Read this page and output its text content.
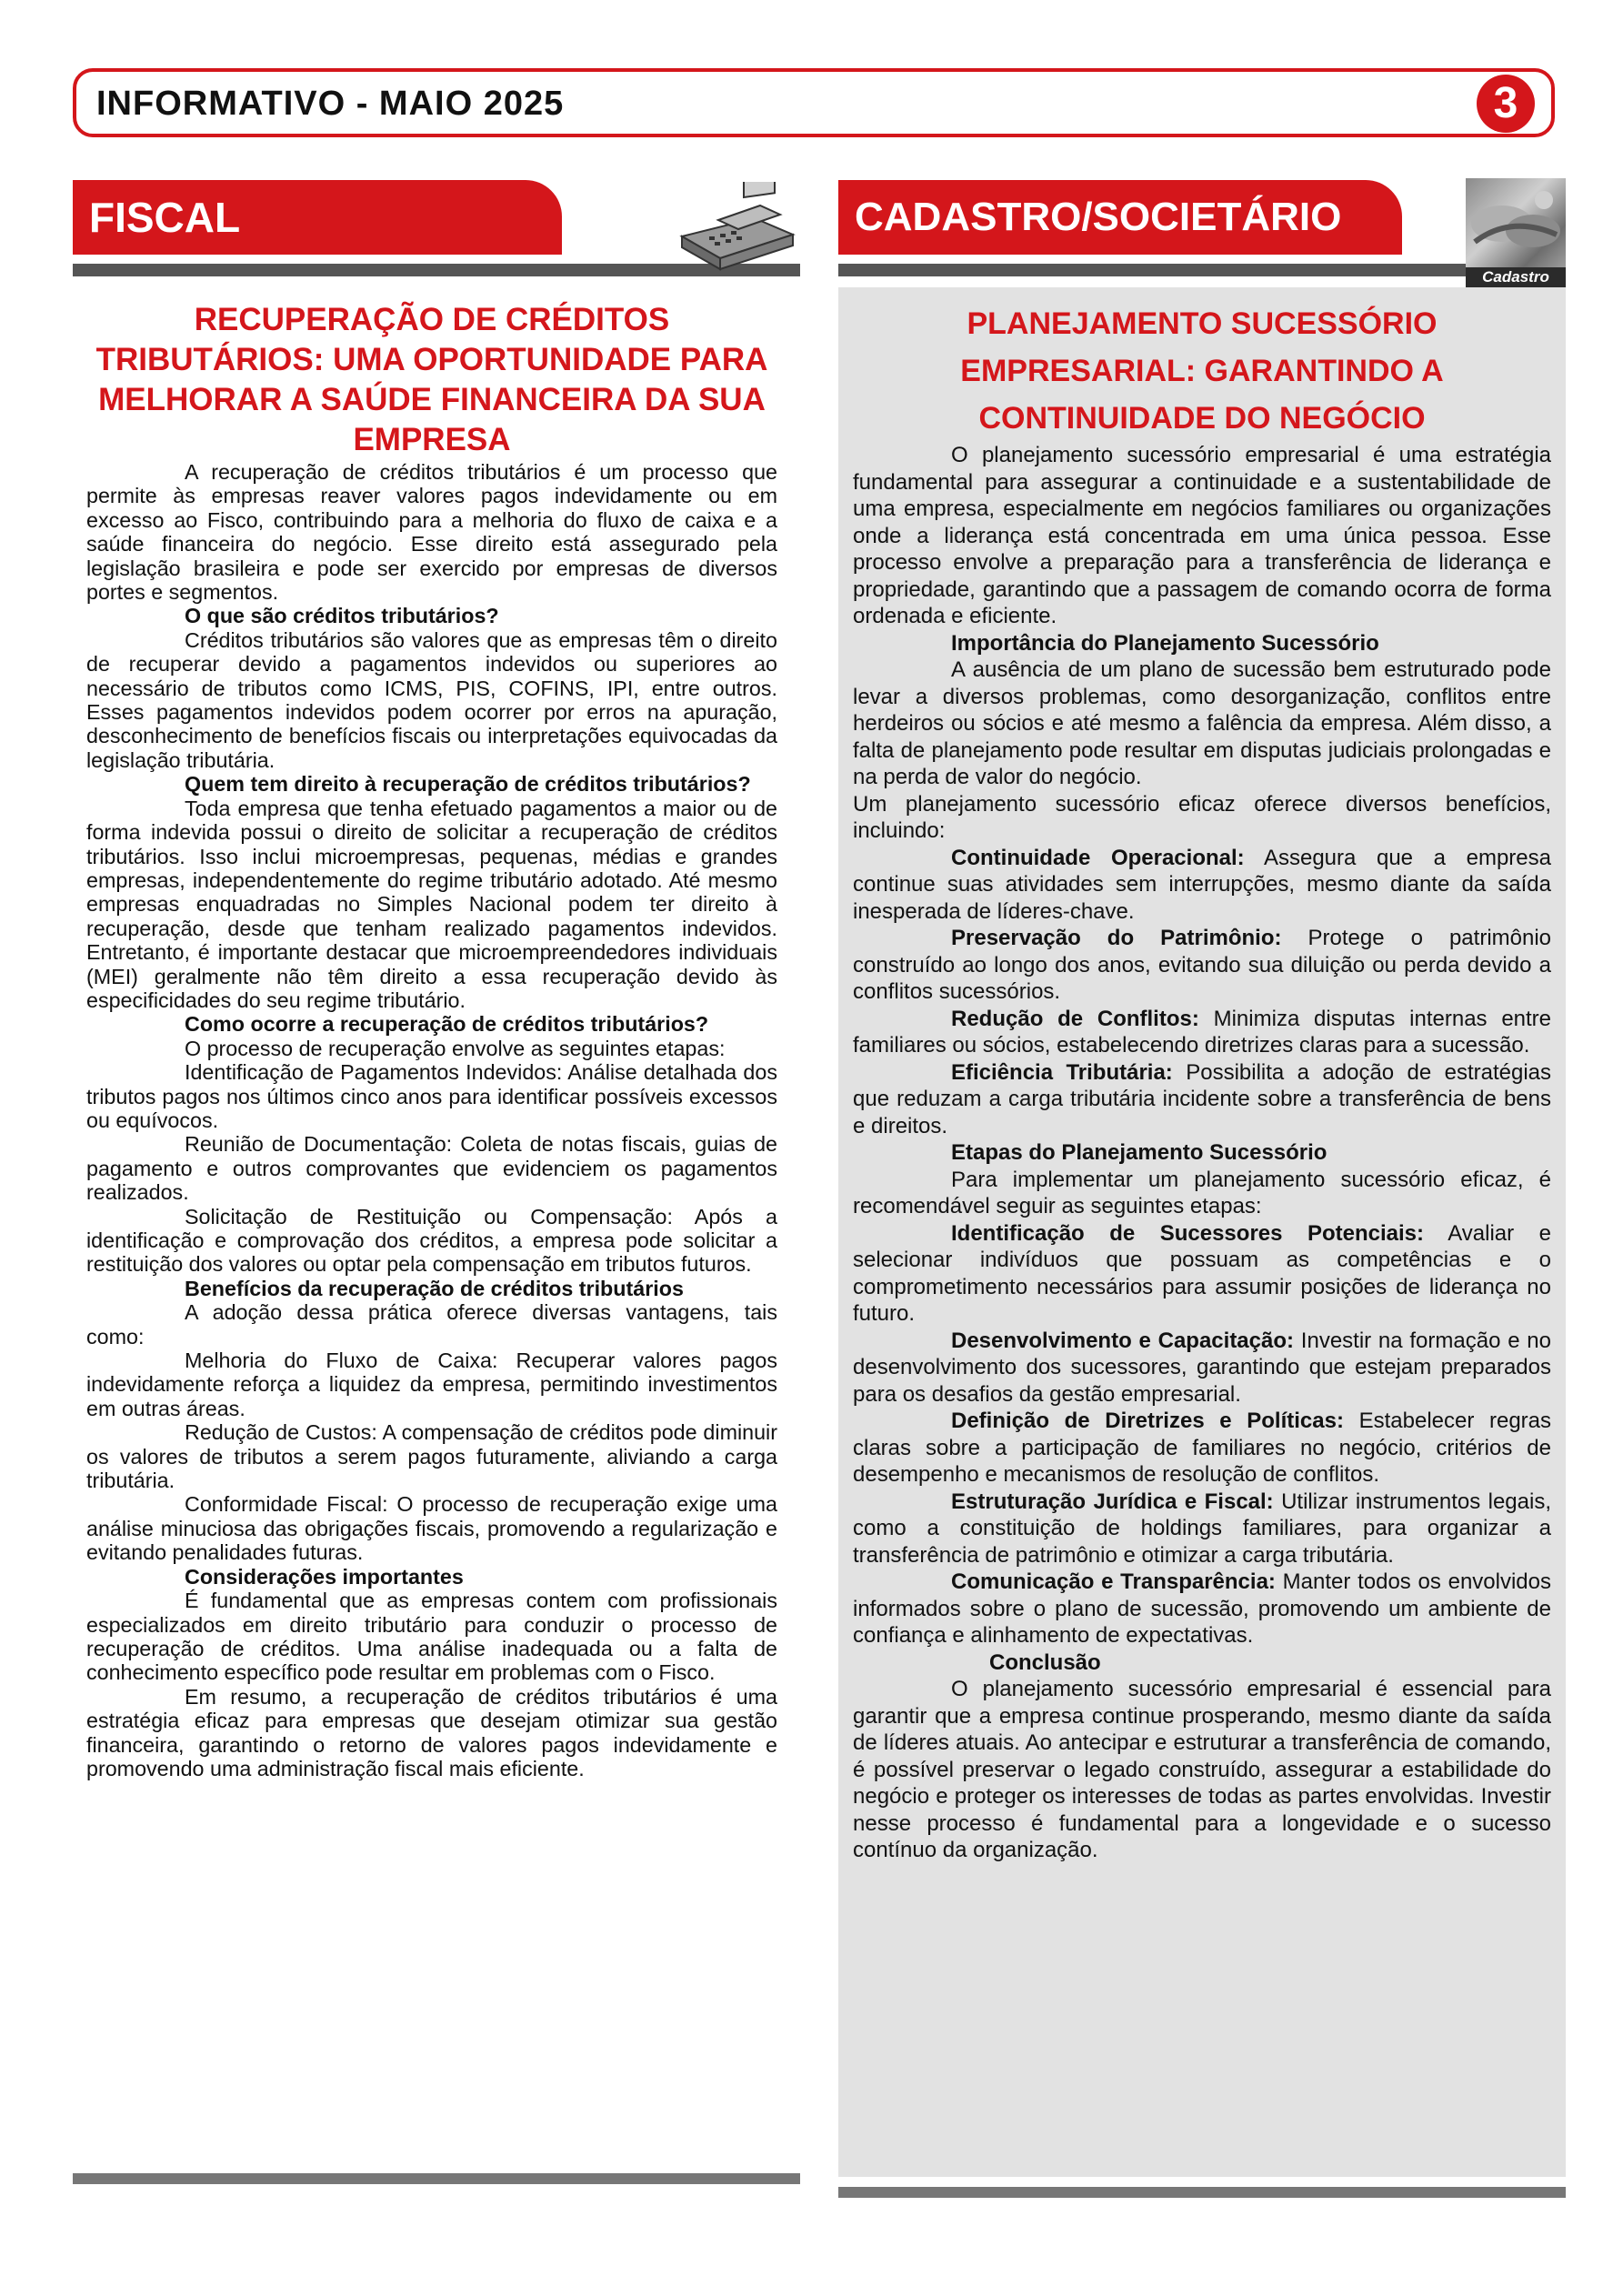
INFORMATIVO - MAIO 2025	3
FISCAL	CADASTRO/SOCIETÁRIO
Cadastro
RECUPERAÇÃO DE CRÉDITOS TRIBUTÁRIOS: UMA OPORTUNIDADE PARA MELHORAR A SAÚDE FINANCEIRA DA SUA EMPRESA

A recuperação de créditos tributários é um processo que permite às empresas reaver valores pagos indevidamente ou em excesso ao Fisco, contribuindo para a melhoria do fluxo de caixa e a saúde financeira do negócio. Esse direito está assegurado pela legislação brasileira e pode ser exercido por empresas de diversos portes e segmentos.

O que são créditos tributários?

Créditos tributários são valores que as empresas têm o direito de recuperar devido a pagamentos indevidos ou superiores ao necessário de tributos como ICMS, PIS, COFINS, IPI, entre outros. Esses pagamentos indevidos podem ocorrer por erros na apuração, desconhecimento de benefícios fiscais ou interpretações equivocadas da legislação tributária.

Quem tem direito à recuperação de créditos tributários?

Toda empresa que tenha efetuado pagamentos a maior ou de forma indevida possui o direito de solicitar a recuperação de créditos tributários. Isso inclui microempresas, pequenas, médias e grandes empresas, independentemente do regime tributário adotado. Até mesmo empresas enquadradas no Simples Nacional podem ter direito à recuperação, desde que tenham realizado pagamentos indevidos. Entretanto, é importante destacar que microempreendedores individuais (MEI) geralmente não têm direito a essa recuperação devido às especificidades do seu regime tributário.

Como ocorre a recuperação de créditos tributários?

O processo de recuperação envolve as seguintes etapas:

Identificação de Pagamentos Indevidos: Análise detalhada dos tributos pagos nos últimos cinco anos para identificar possíveis excessos ou equívocos.

Reunião de Documentação: Coleta de notas fiscais, guias de pagamento e outros comprovantes que evidenciem os pagamentos realizados.

Solicitação de Restituição ou Compensação: Após a identificação e comprovação dos créditos, a empresa pode solicitar a restituição dos valores ou optar pela compensação em tributos futuros.

Benefícios da recuperação de créditos tributários

A adoção dessa prática oferece diversas vantagens, tais como:

Melhoria do Fluxo de Caixa: Recuperar valores pagos indevidamente reforça a liquidez da empresa, permitindo investimentos em outras áreas.

Redução de Custos: A compensação de créditos pode diminuir os valores de tributos a serem pagos futuramente, aliviando a carga tributária.

Conformidade Fiscal: O processo de recuperação exige uma análise minuciosa das obrigações fiscais, promovendo a regularização e evitando penalidades futuras.

Considerações importantes

É fundamental que as empresas contem com profissionais especializados em direito tributário para conduzir o processo de recuperação de créditos. Uma análise inadequada ou a falta de conhecimento específico pode resultar em problemas com o Fisco.

Em resumo, a recuperação de créditos tributários é uma estratégia eficaz para empresas que desejam otimizar sua gestão financeira, garantindo o retorno de valores pagos indevidamente e promovendo uma administração fiscal mais eficiente.

PLANEJAMENTO SUCESSÓRIO EMPRESARIAL: GARANTINDO A CONTINUIDADE DO NEGÓCIO

O planejamento sucessório empresarial é uma estratégia fundamental para assegurar a continuidade e a sustentabilidade de uma empresa, especialmente em negócios familiares ou organizações onde a liderança está concentrada em uma única pessoa. Esse processo envolve a preparação para a transferência de liderança e propriedade, garantindo que a passagem de comando ocorra de forma ordenada e eficiente.

Importância do Planejamento Sucessório

A ausência de um plano de sucessão bem estruturado pode levar a diversos problemas, como desorganização, conflitos entre herdeiros ou sócios e até mesmo a falência da empresa. Além disso, a falta de planejamento pode resultar em disputas judiciais prolongadas e na perda de valor do negócio.

Um planejamento sucessório eficaz oferece diversos benefícios, incluindo:

Continuidade Operacional: Assegura que a empresa continue suas atividades sem interrupções, mesmo diante da saída inesperada de líderes-chave.

Preservação do Patrimônio: Protege o patrimônio construído ao longo dos anos, evitando sua diluição ou perda devido a conflitos sucessórios.

Redução de Conflitos: Minimiza disputas internas entre familiares ou sócios, estabelecendo diretrizes claras para a sucessão.

Eficiência Tributária: Possibilita a adoção de estratégias que reduzam a carga tributária incidente sobre a transferência de bens e direitos.

Etapas do Planejamento Sucessório

Para implementar um planejamento sucessório eficaz, é recomendável seguir as seguintes etapas:

Identificação de Sucessores Potenciais: Avaliar e selecionar indivíduos que possuam as competências e o comprometimento necessários para assumir posições de liderança no futuro.

Desenvolvimento e Capacitação: Investir na formação e no desenvolvimento dos sucessores, garantindo que estejam preparados para os desafios da gestão empresarial.

Definição de Diretrizes e Políticas: Estabelecer regras claras sobre a participação de familiares no negócio, critérios de desempenho e mecanismos de resolução de conflitos.

Estruturação Jurídica e Fiscal: Utilizar instrumentos legais, como a constituição de holdings familiares, para organizar a transferência de patrimônio e otimizar a carga tributária.

Comunicação e Transparência: Manter todos os envolvidos informados sobre o plano de sucessão, promovendo um ambiente de confiança e alinhamento de expectativas.

Conclusão

O planejamento sucessório empresarial é essencial para garantir que a empresa continue prosperando, mesmo diante da saída de líderes atuais. Ao antecipar e estruturar a transferência de comando, é possível preservar o legado construído, assegurar a estabilidade do negócio e proteger os interesses de todas as partes envolvidas. Investir nesse processo é fundamental para a longevidade e o sucesso contínuo da organização.
